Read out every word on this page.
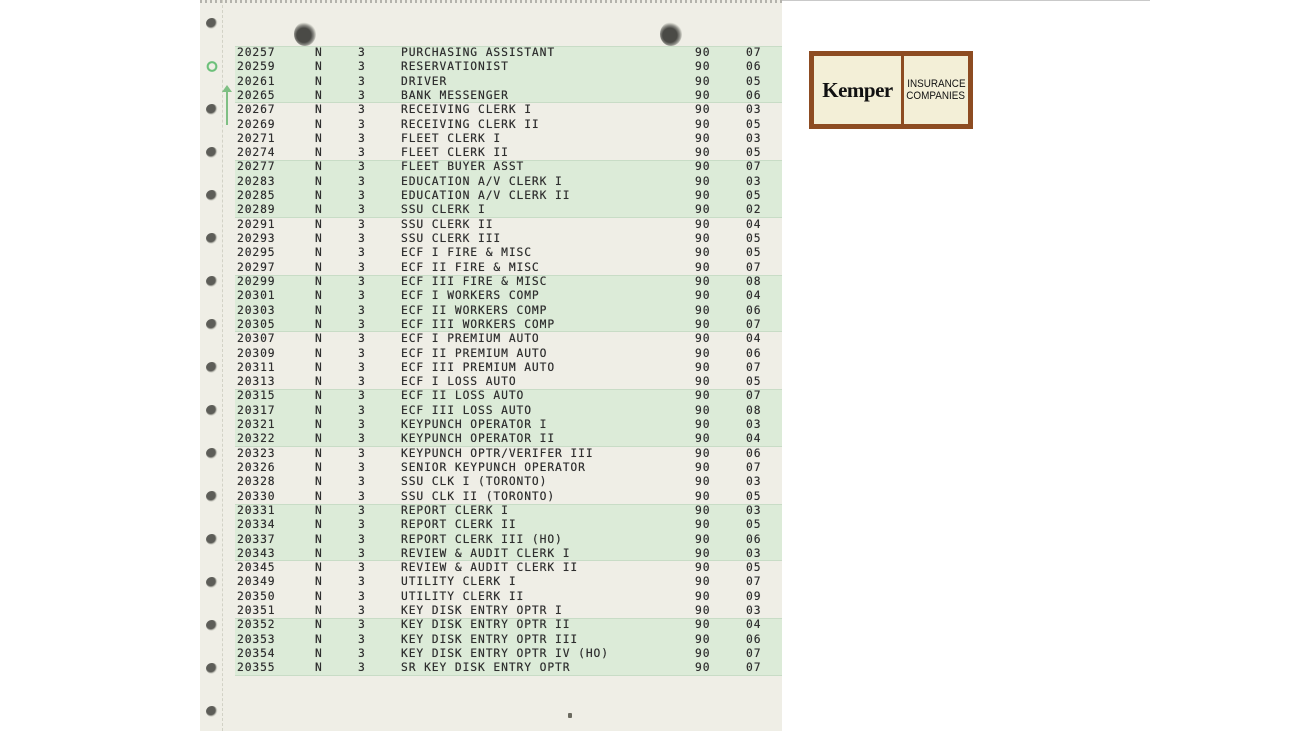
20257	N	3	PURCHASING ASSISTANT	90	07
20259	N	3	RESERVATIONIST	90	06
20261	N	3	DRIVER	90	05
20265	N	3	BANK MESSENGER	90	06
20267	N	3	RECEIVING CLERK I	90	03
20269	N	3	RECEIVING CLERK II	90	05
20271	N	3	FLEET CLERK I	90	03
20274	N	3	FLEET CLERK II	90	05
20277	N	3	FLEET BUYER ASST	90	07
20283	N	3	EDUCATION A/V CLERK I	90	03
20285	N	3	EDUCATION A/V CLERK II	90	05
20289	N	3	SSU CLERK I	90	02
20291	N	3	SSU CLERK II	90	04
20293	N	3	SSU CLERK III	90	05
20295	N	3	ECF I FIRE & MISC	90	05
20297	N	3	ECF II FIRE & MISC	90	07
20299	N	3	ECF III FIRE & MISC	90	08
20301	N	3	ECF I WORKERS COMP	90	04
20303	N	3	ECF II WORKERS COMP	90	06
20305	N	3	ECF III WORKERS COMP	90	07
20307	N	3	ECF I PREMIUM AUTO	90	04
20309	N	3	ECF II PREMIUM AUTO	90	06
20311	N	3	ECF III PREMIUM AUTO	90	07
20313	N	3	ECF I LOSS AUTO	90	05
20315	N	3	ECF II LOSS AUTO	90	07
20317	N	3	ECF III LOSS AUTO	90	08
20321	N	3	KEYPUNCH OPERATOR I	90	03
20322	N	3	KEYPUNCH OPERATOR II	90	04
20323	N	3	KEYPUNCH OPTR/VERIFER III	90	06
20326	N	3	SENIOR KEYPUNCH OPERATOR	90	07
20328	N	3	SSU CLK I (TORONTO)	90	03
20330	N	3	SSU CLK II (TORONTO)	90	05
20331	N	3	REPORT CLERK I	90	03
20334	N	3	REPORT CLERK II	90	05
20337	N	3	REPORT CLERK III (HO)	90	06
20343	N	3	REVIEW & AUDIT CLERK I	90	03
20345	N	3	REVIEW & AUDIT CLERK II	90	05
20349	N	3	UTILITY CLERK I	90	07
20350	N	3	UTILITY CLERK II	90	09
20351	N	3	KEY DISK ENTRY OPTR I	90	03
20352	N	3	KEY DISK ENTRY OPTR II	90	04
20353	N	3	KEY DISK ENTRY OPTR III	90	06
20354	N	3	KEY DISK ENTRY OPTR IV (HO)	90	07
20355	N	3	SR KEY DISK ENTRY OPTR	90	07
Kemper INSURANCE
COMPANIES
